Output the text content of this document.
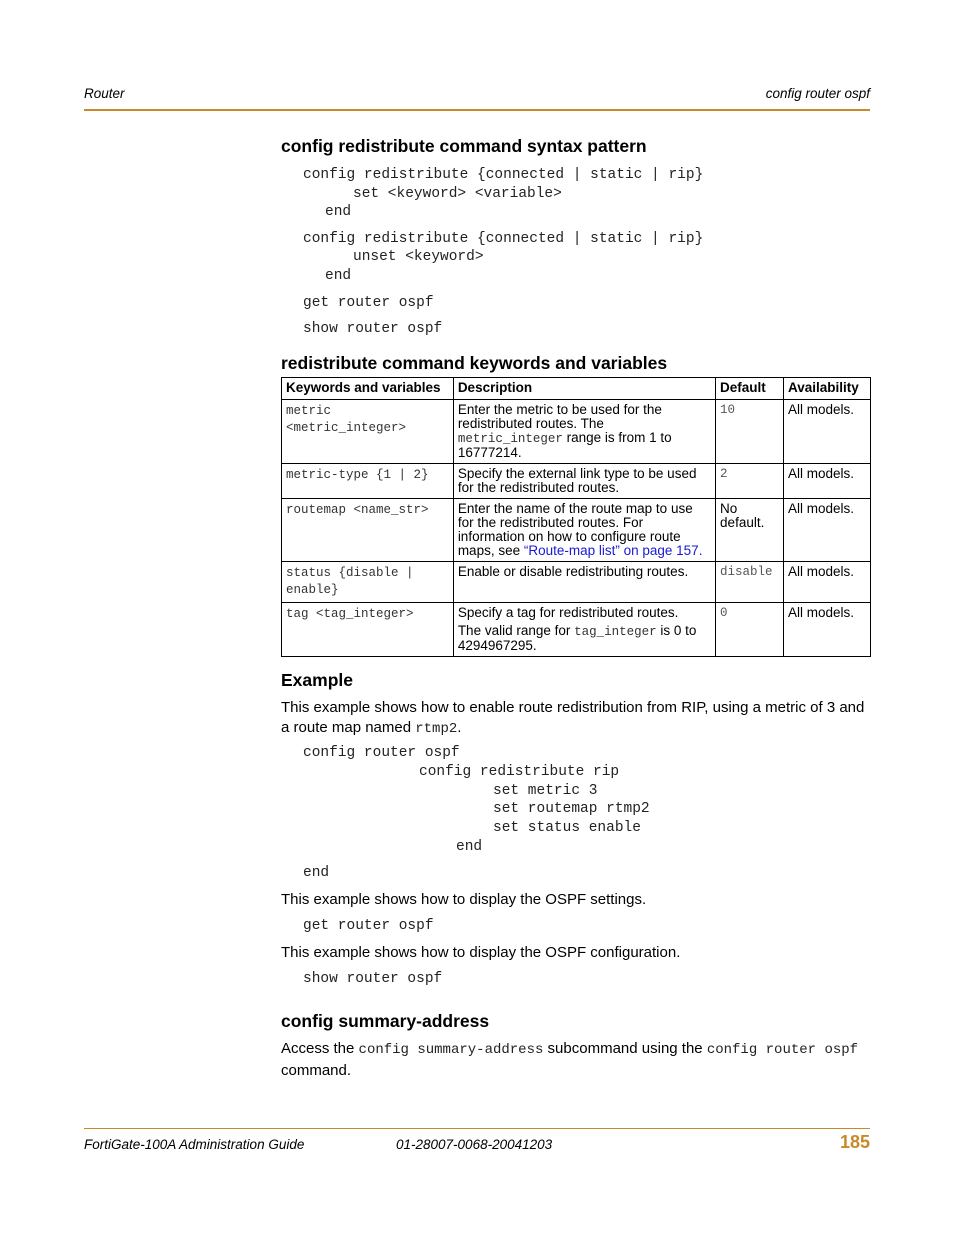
Router	config router ospf
config redistribute command syntax pattern
config redistribute {connected | static | rip}
set <keyword> <variable>
end
config redistribute {connected | static | rip}
unset <keyword>
end
get router ospf
show router ospf
redistribute command keywords and variables
Keywords and variables	Description	Default	Availability
metric
<metric_integer>	Enter the metric to be used for the redistributed routes. The metric_integer range is from 1 to 16777214.	10	All models.
metric-type {1 | 2}	Specify the external link type to be used for the redistributed routes.	2	All models.
routemap <name_str>	Enter the name of the route map to use for the redistributed routes. For information on how to configure route maps, see “Route-map list” on page 157.	No default.	All models.
status {disable |
enable}	Enable or disable redistributing routes.	disable	All models.
tag <tag_integer>	Specify a tag for redistributed routes.
The valid range for tag_integer is 0 to 4294967295.	0	All models.
Example

This example shows how to enable route redistribution from RIP, using a metric of 3 and a route map named rtmp2.

config router ospf
config redistribute rip
set metric 3
set routemap rtmp2
set status enable
end
end

This example shows how to display the OSPF settings.

get router ospf

This example shows how to display the OSPF configuration.

show router ospf
config summary-address

Access the config summary-address subcommand using the config router ospf command.

FortiGate-100A Administration Guide	01-28007-0068-20041203	185
